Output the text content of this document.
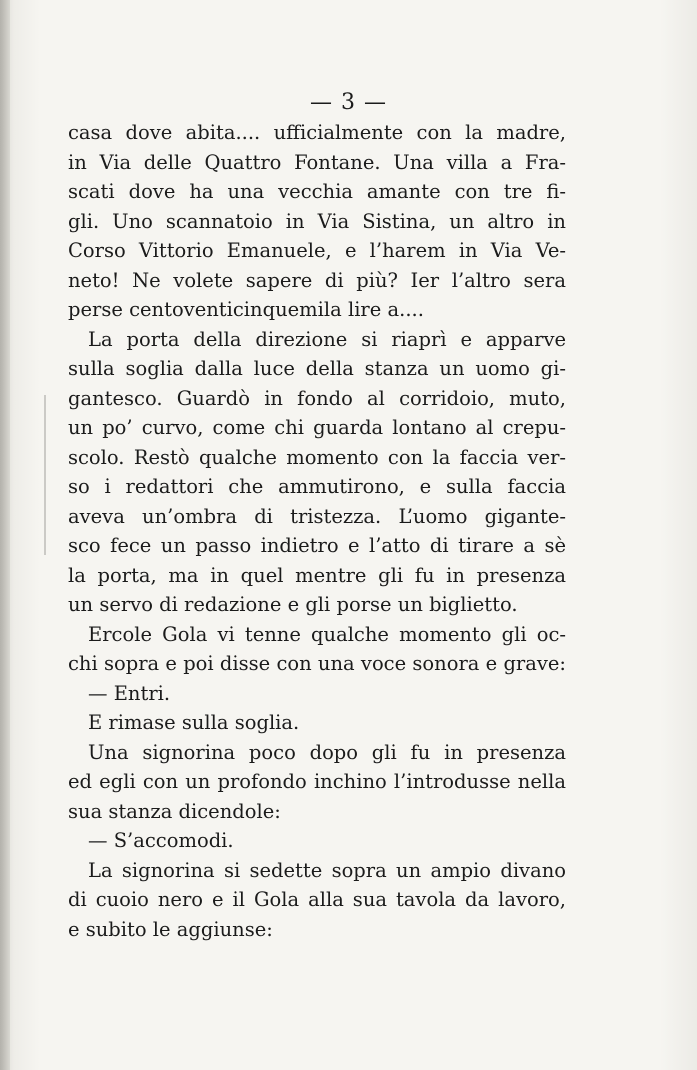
— 3 —
casa dove abita.... ufficialmente con la madre,
in Via delle Quattro Fontane. Una villa a Fra-
scati dove ha una vecchia amante con tre fi-
gli. Uno scannatoio in Via Sistina, un altro in
Corso Vittorio Emanuele, e l’harem in Via Ve-
neto! Ne volete sapere di più? Ier l’altro sera
perse centoventicinquemila lire a....
La porta della direzione si riaprì e apparve
sulla soglia dalla luce della stanza un uomo gi-
gantesco. Guardò in fondo al corridoio, muto,
un po’ curvo, come chi guarda lontano al crepu-
scolo. Restò qualche momento con la faccia ver-
so i redattori che ammutirono, e sulla faccia
aveva un’ombra di tristezza. L’uomo gigante-
sco fece un passo indietro e l’atto di tirare a sè
la porta, ma in quel mentre gli fu in presenza
un servo di redazione e gli porse un biglietto.
Ercole Gola vi tenne qualche momento gli oc-
chi sopra e poi disse con una voce sonora e grave:
— Entri.
E rimase sulla soglia.
Una signorina poco dopo gli fu in presenza
ed egli con un profondo inchino l’introdusse nella
sua stanza dicendole:
— S’accomodi.
La signorina si sedette sopra un ampio divano
di cuoio nero e il Gola alla sua tavola da lavoro,
e subito le aggiunse:
